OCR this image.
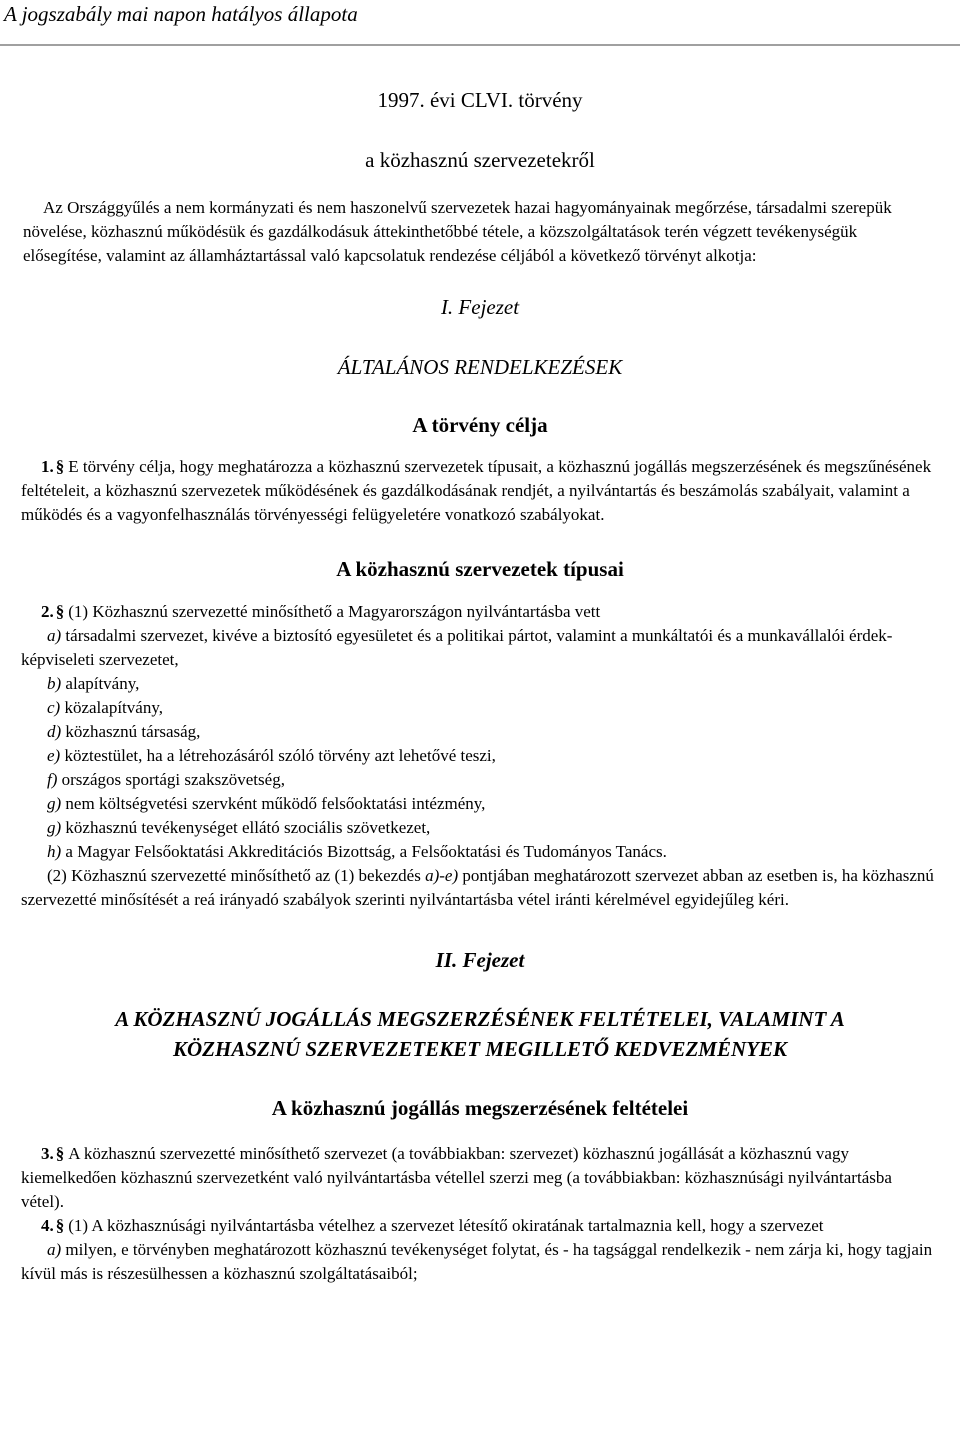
A jogszabály mai napon hatályos állapota
1997. évi CLVI. törvény
a közhasznú szervezetekről

Az Országgyűlés a nem kormányzati és nem haszonelvű szervezetek hazai hagyományainak megőrzése, társadalmi szerepük növelése, közhasznú működésük és gazdálkodásuk áttekinthetőbbé tétele, a közszolgáltatások terén végzett tevékenységük elősegítése, valamint az államháztartással való kapcsolatuk rendezése céljából a következő törvényt alkotja:

I. Fejezet
ÁLTALÁNOS RENDELKEZÉSEK
A törvény célja

1. § E törvény célja, hogy meghatározza a közhasznú szervezetek típusait, a közhasznú jogállás megszerzésének és megszűnésének feltételeit, a közhasznú szervezetek működésének és gazdálkodásának rendjét, a nyilvántartás és beszámolás szabályait, valamint a működés és a vagyonfelhasználás törvényességi felügyeletére vonatkozó szabályokat.

A közhasznú szervezetek típusai

2. § (1) Közhasznú szervezetté minősíthető a Magyarországon nyilvántartásba vett

a) társadalmi szervezet, kivéve a biztosító egyesületet és a politikai pártot, valamint a munkáltatói és a munkavállalói érdek-képviseleti szervezetet,

b) alapítvány,

c) közalapítvány,

d) közhasznú társaság,

e) köztestület, ha a létrehozásáról szóló törvény azt lehetővé teszi,

f) országos sportági szakszövetség,

g) nem költségvetési szervként működő felsőoktatási intézmény,

g) közhasznú tevékenységet ellátó szociális szövetkezet,

h) a Magyar Felsőoktatási Akkreditációs Bizottság, a Felsőoktatási és Tudományos Tanács.

(2) Közhasznú szervezetté minősíthető az (1) bekezdés a)-e) pontjában meghatározott szervezet abban az esetben is, ha közhasznú szervezetté minősítését a reá irányadó szabályok szerinti nyilvántartásba vétel iránti kérelmével egyidejűleg kéri.

II. Fejezet
A KÖZHASZNÚ JOGÁLLÁS MEGSZERZÉSÉNEK FELTÉTELEI, VALAMINT A
KÖZHASZNÚ SZERVEZETEKET MEGILLETŐ KEDVEZMÉNYEK
A közhasznú jogállás megszerzésének feltételei

3. § A közhasznú szervezetté minősíthető szervezet (a továbbiakban: szervezet) közhasznú jogállását a közhasznú vagy kiemelkedően közhasznú szervezetként való nyilvántartásba vétellel szerzi meg (a továbbiakban: közhasznúsági nyilvántartásba vétel).

4. § (1) A közhasznúsági nyilvántartásba vételhez a szervezet létesítő okiratának tartalmaznia kell, hogy a szervezet

a) milyen, e törvényben meghatározott közhasznú tevékenységet folytat, és - ha tagsággal rendelkezik - nem zárja ki, hogy tagjain kívül más is részesülhessen a közhasznú szolgáltatásaiból;
